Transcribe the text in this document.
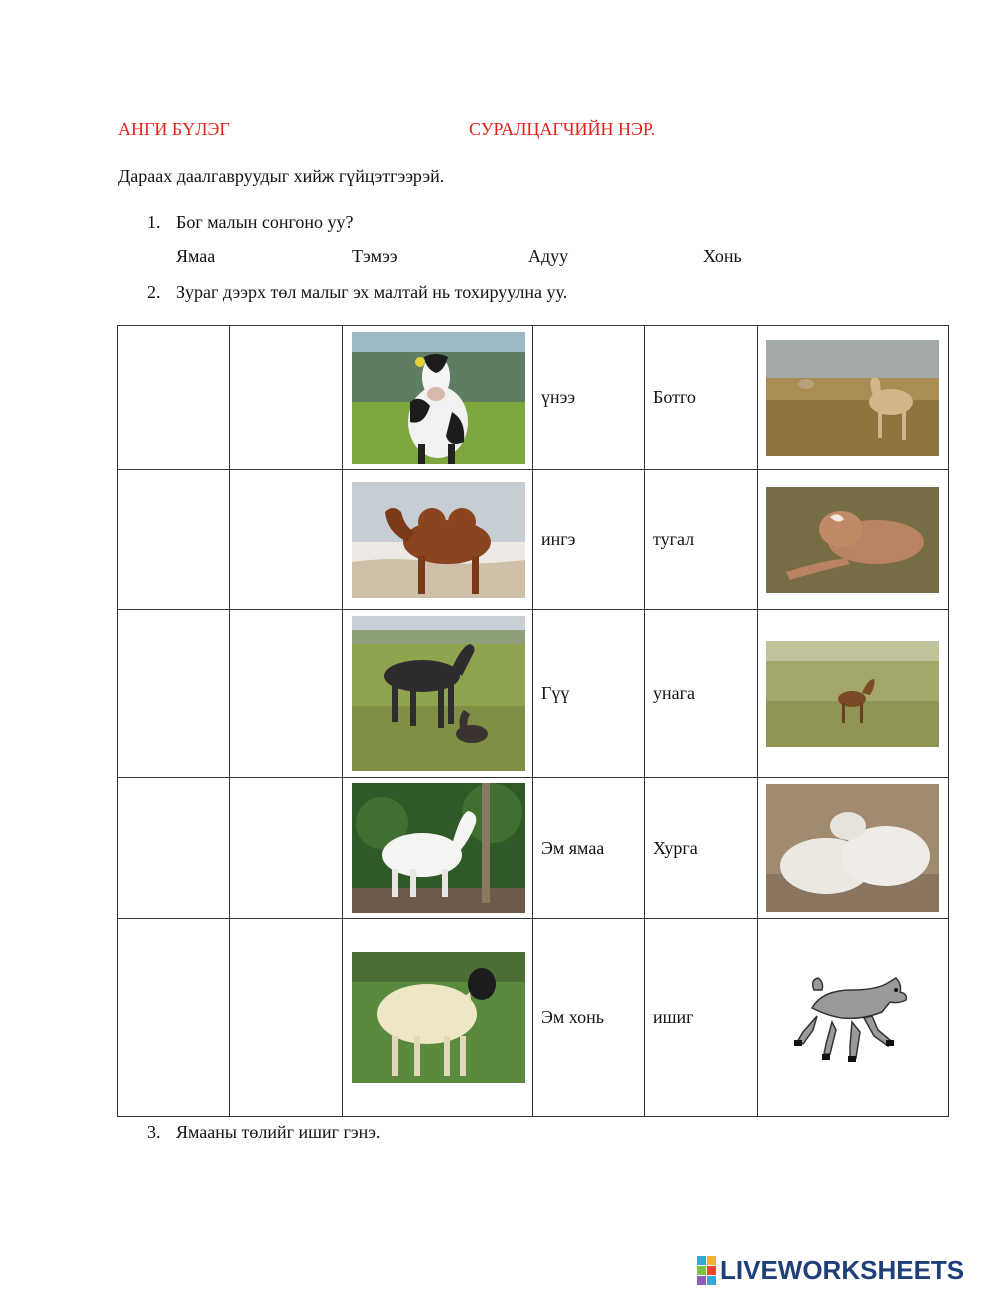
АНГИ БҮЛЭГ	СУРАЛЦАГЧИЙН НЭР.
Дараах даалгавруудыг хийж гүйцэтгээрэй.
1. Бог малын сонгоно уу?
Ямаа	Тэмээ	Адуу	Хонь
2. Зураг дээрх төл малыг эх малтай нь тохируулна уу.

	үнээ	Ботго	

	ингэ	тугал	

	Гүү	унага	

	Эм ямаа	Хурга	

	Эм хонь	ишиг	
3. Ямааны төлийг ишиг гэнэ.
LIVEWORKSHEETS
